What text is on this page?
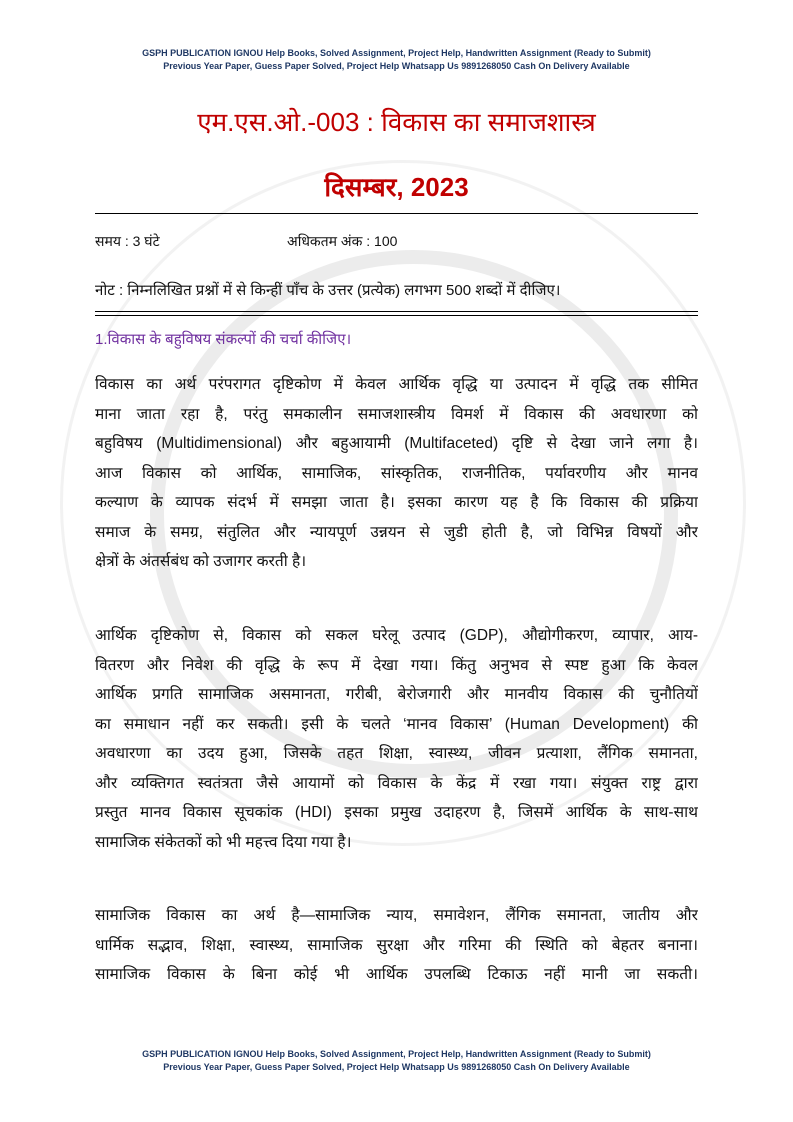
GSPH PUBLICATION IGNOU Help Books, Solved Assignment, Project Help, Handwritten Assignment (Ready to Submit)
Previous Year Paper, Guess Paper Solved, Project Help Whatsapp Us 9891268050 Cash On Delivery Available
एम.एस.ओ.-003 : विकास का समाजशास्त्र
दिसम्बर, 2023
समय : 3 घंटे	अधिकतम अंक : 100
नोट : निम्नलिखित प्रश्नों में से किन्हीं पाँच के उत्तर (प्रत्येक) लगभग 500 शब्दों में दीजिए।
1.विकास के बहुविषय संकल्पों की चर्चा कीजिए।
विकास का अर्थ परंपरागत दृष्टिकोण में केवल आर्थिक वृद्धि या उत्पादन में वृद्धि तक सीमित
माना जाता रहा है, परंतु समकालीन समाजशास्त्रीय विमर्श में विकास की अवधारणा को
बहुविषय (Multidimensional) और बहुआयामी (Multifaceted) दृष्टि से देखा जाने लगा है।
आज विकास को आर्थिक, सामाजिक, सांस्कृतिक, राजनीतिक, पर्यावरणीय और मानव
कल्याण के व्यापक संदर्भ में समझा जाता है। इसका कारण यह है कि विकास की प्रक्रिया
समाज के समग्र, संतुलित और न्यायपूर्ण उन्नयन से जुडी होती है, जो विभिन्न विषयों और
क्षेत्रों के अंतर्सबंध को उजागर करती है।
आर्थिक दृष्टिकोण से, विकास को सकल घरेलू उत्पाद (GDP), औद्योगीकरण, व्यापार, आय-
वितरण और निवेश की वृद्धि के रूप में देखा गया। किंतु अनुभव से स्पष्ट हुआ कि केवल
आर्थिक प्रगति सामाजिक असमानता, गरीबी, बेरोजगारी और मानवीय विकास की चुनौतियों
का समाधान नहीं कर सकती। इसी के चलते ‘मानव विकास’ (Human Development) की
अवधारणा का उदय हुआ, जिसके तहत शिक्षा, स्वास्थ्य, जीवन प्रत्याशा, लैंगिक समानता,
और व्यक्तिगत स्वतंत्रता जैसे आयामों को विकास के केंद्र में रखा गया। संयुक्त राष्ट्र द्वारा
प्रस्तुत मानव विकास सूचकांक (HDI) इसका प्रमुख उदाहरण है, जिसमें आर्थिक के साथ-साथ
सामाजिक संकेतकों को भी महत्त्व दिया गया है।
सामाजिक विकास का अर्थ है—सामाजिक न्याय, समावेशन, लैंगिक समानता, जातीय और
धार्मिक सद्भाव, शिक्षा, स्वास्थ्य, सामाजिक सुरक्षा और गरिमा की स्थिति को बेहतर बनाना।
सामाजिक विकास के बिना कोई भी आर्थिक उपलब्धि टिकाऊ नहीं मानी जा सकती।
GSPH PUBLICATION IGNOU Help Books, Solved Assignment, Project Help, Handwritten Assignment (Ready to Submit)
Previous Year Paper, Guess Paper Solved, Project Help Whatsapp Us 9891268050 Cash On Delivery Available
